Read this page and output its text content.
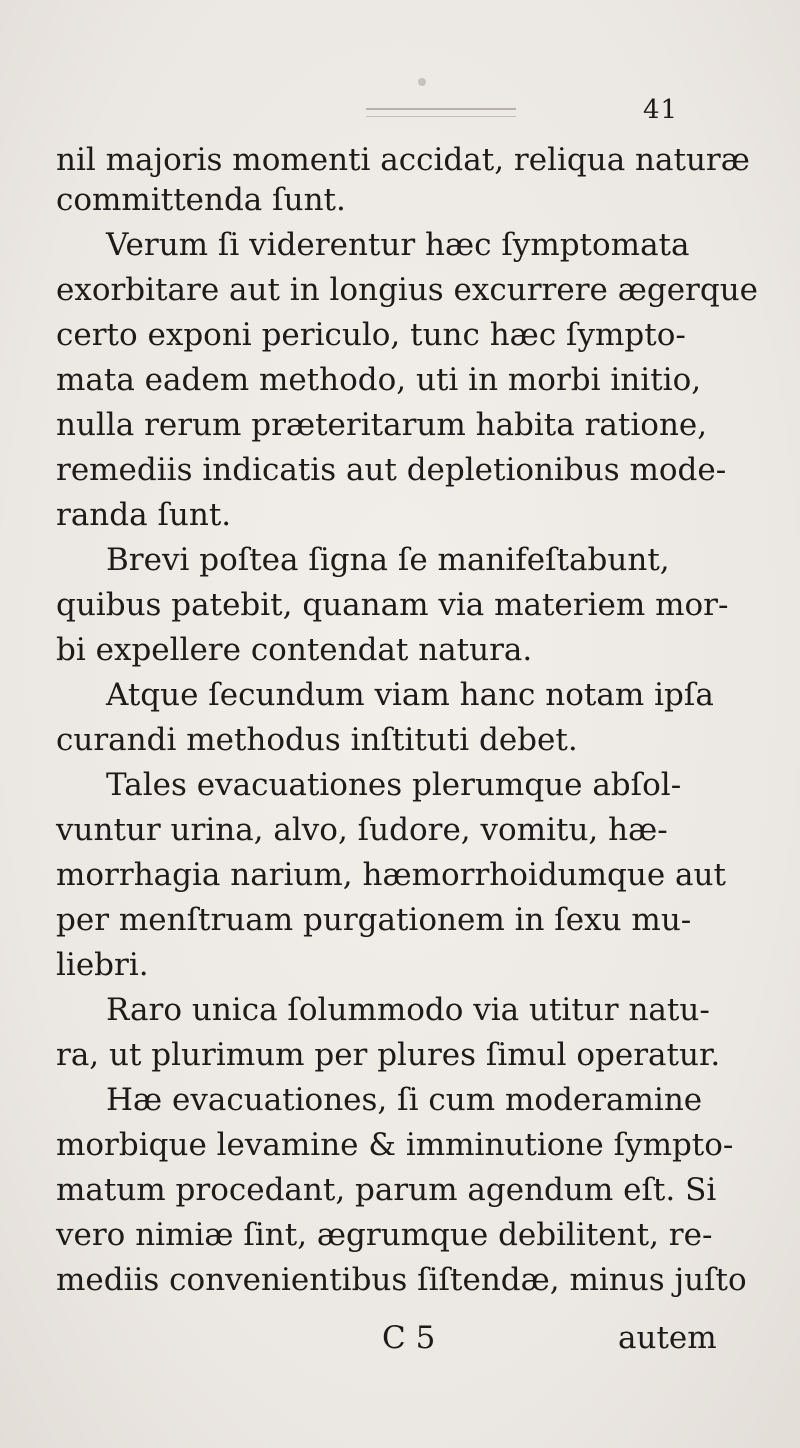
41
nil majoris momenti accidat, reliqua naturæ
committenda ſunt.
Verum ſi viderentur hæc ſymptomata
exorbitare aut in longius excurrere ægerque
certo exponi periculo, tunc hæc ſympto-
mata eadem methodo, uti in morbi initio,
nulla rerum præteritarum habita ratione,
remediis indicatis aut depletionibus mode-
randa ſunt.
Brevi poſtea ſigna ſe manifeſtabunt,
quibus patebit, quanam via materiem mor-
bi expellere contendat natura.
Atque ſecundum viam hanc notam ipſa
curandi methodus inſtituti debet.
Tales evacuationes plerumque abſol-
vuntur urina, alvo, ſudore, vomitu, hæ-
morrhagia narium, hæmorrhoidumque aut
per menſtruam purgationem in ſexu mu-
liebri.
Raro unica ſolummodo via utitur natu-
ra, ut plurimum per plures ſimul operatur.
Hæ evacuationes, ſi cum moderamine
morbique levamine & imminutione ſympto-
matum procedant, parum agendum eſt. Si
vero nimiæ ſint, ægrumque debilitent, re-
mediis convenientibus ſiſtendæ, minus juſto
C 5	autem
